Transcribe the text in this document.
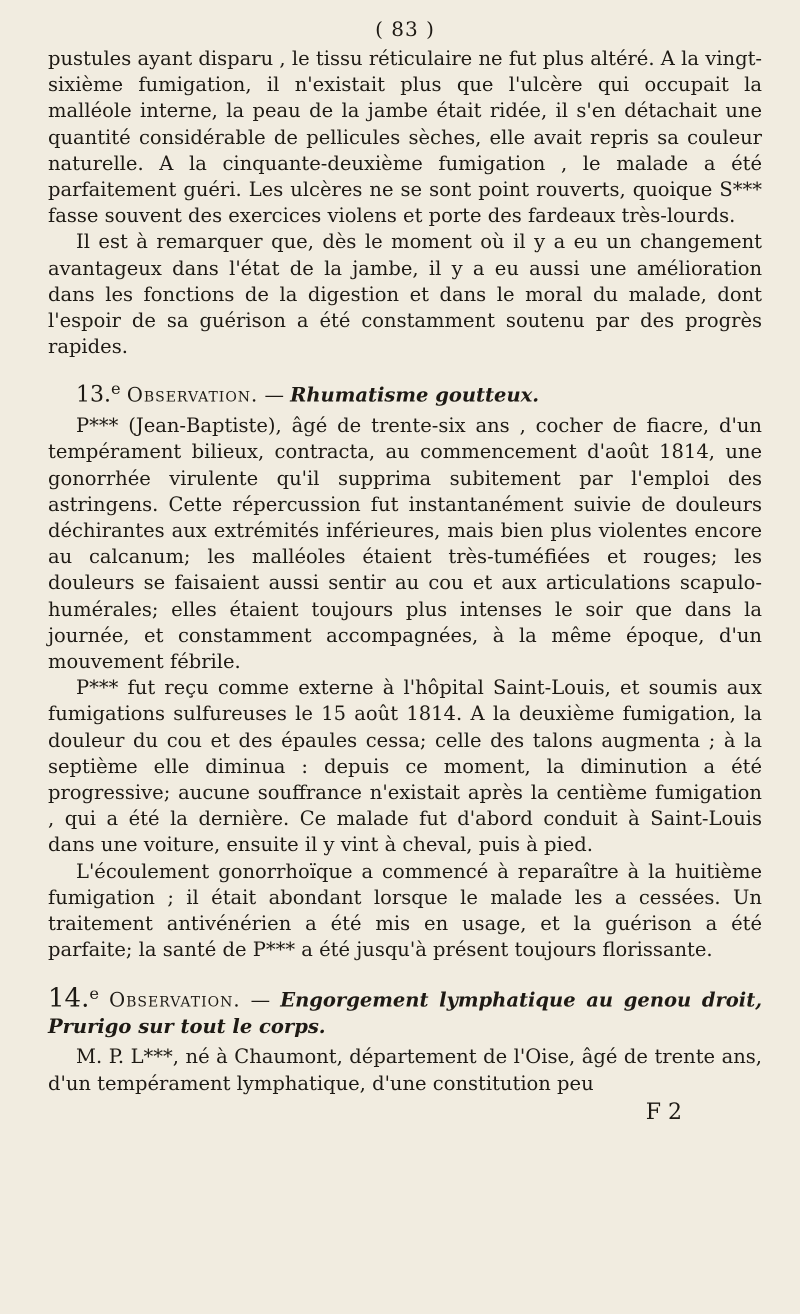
( 83 )

pustules ayant disparu , le tissu réticulaire ne fut plus altéré. A la vingt-sixième fumigation, il n'existait plus que l'ulcère qui occupait la malléole interne, la peau de la jambe était ridée, il s'en détachait une quantité considérable de pellicules sèches, elle avait repris sa couleur naturelle. A la cinquante-deuxième fumigation , le malade a été parfaitement guéri. Les ulcères ne se sont point rouverts, quoique S*** fasse souvent des exercices violens et porte des fardeaux très-lourds.

Il est à remarquer que, dès le moment où il y a eu un changement avantageux dans l'état de la jambe, il y a eu aussi une amélioration dans les fonctions de la digestion et dans le moral du malade, dont l'espoir de sa guérison a été constamment soutenu par des progrès rapides.

13.$^e$ Observation. — Rhumatisme goutteux.

P*** (Jean-Baptiste), âgé de trente-six ans , cocher de fiacre, d'un tempérament bilieux, contracta, au commencement d'août 1814, une gonorrhée virulente qu'il supprima subitement par l'emploi des astringens. Cette répercussion fut instantanément suivie de douleurs déchirantes aux extrémités inférieures, mais bien plus violentes encore au calcanum; les malléoles étaient très-tuméfiées et rouges; les douleurs se faisaient aussi sentir au cou et aux articulations scapulo-humérales; elles étaient toujours plus intenses le soir que dans la journée, et constamment accompagnées, à la même époque, d'un mouvement fébrile.

P*** fut reçu comme externe à l'hôpital Saint-Louis, et soumis aux fumigations sulfureuses le 15 août 1814. A la deuxième fumigation, la douleur du cou et des épaules cessa; celle des talons augmenta ; à la septième elle diminua : depuis ce moment, la diminution a été progressive; aucune souffrance n'existait après la centième fumigation , qui a été la dernière. Ce malade fut d'abord conduit à Saint-Louis dans une voiture, ensuite il y vint à cheval, puis à pied.

L'écoulement gonorrhoïque a commencé à reparaître à la huitième fumigation ; il était abondant lorsque le malade les a cessées. Un traitement antivénérien a été mis en usage, et la guérison a été parfaite; la santé de P*** a été jusqu'à présent toujours florissante.

14.$^e$ Observation. — Engorgement lymphatique au genou droit, Prurigo sur tout le corps.

M. P. L***, né à Chaumont, département de l'Oise, âgé de trente ans, d'un tempérament lymphatique, d'une constitution peu

F 2
